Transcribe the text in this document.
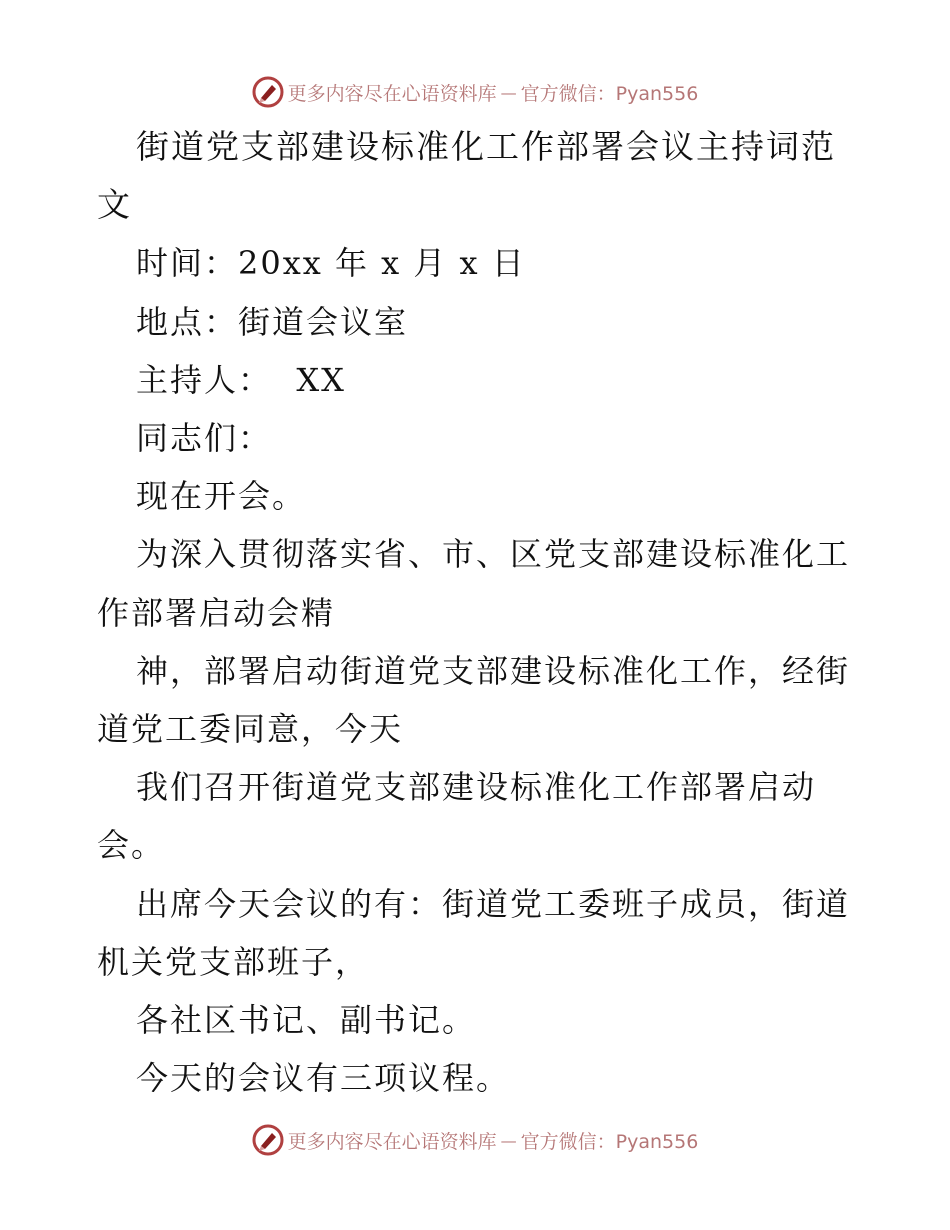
更多内容尽在心语资料库 — 官方微信：Pyan556

街道党支部建设标准化工作部署会议主持词范文

时间：20xx 年 x 月 x 日

地点：街道会议室

主持人：  XX

同志们：

现在开会。

为深入贯彻落实省、市、区党支部建设标准化工

作部署启动会精

神，部署启动街道党支部建设标准化工作，经街

道党工委同意，今天

我们召开街道党支部建设标准化工作部署启动

会。

出席今天会议的有：街道党工委班子成员，街道

机关党支部班子，

各社区书记、副书记。

今天的会议有三项议程。

更多内容尽在心语资料库 — 官方微信：Pyan556
